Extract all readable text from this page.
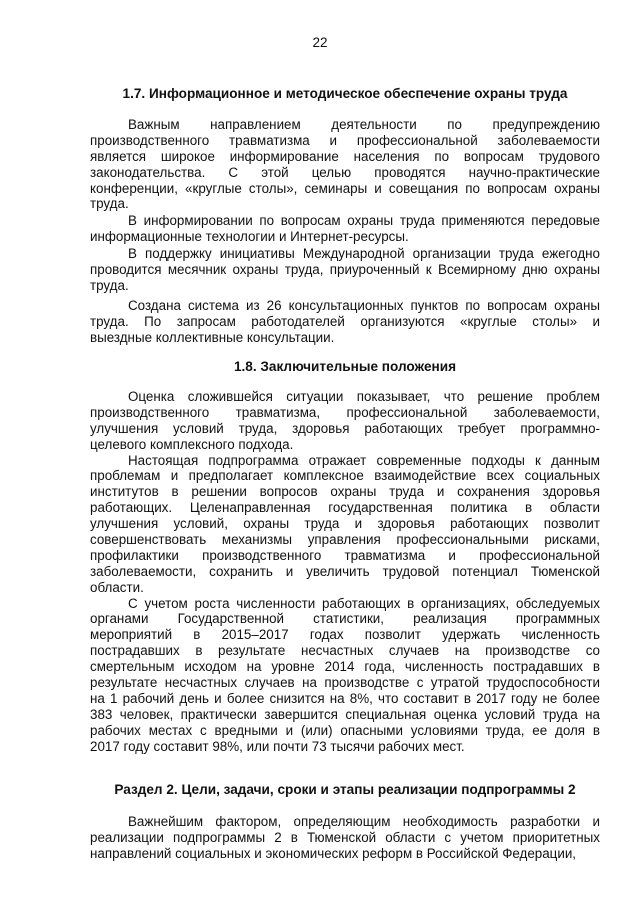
22
1.7. Информационное и методическое обеспечение охраны труда
Важным направлением деятельности по предупреждению
производственного травматизма и профессиональной заболеваемости
является широкое информирование населения по вопросам трудового
законодательства. С этой целью проводятся научно-практические
конференции, «круглые столы», семинары и совещания по вопросам охраны
труда.
В информировании по вопросам охраны труда применяются передовые
информационные технологии и Интернет-ресурсы.
В поддержку инициативы Международной организации труда ежегодно
проводится месячник охраны труда, приуроченный к Всемирному дню охраны
труда.
Создана система из 26 консультационных пунктов по вопросам охраны
труда. По запросам работодателей организуются «круглые столы» и
выездные коллективные консультации.
1.8. Заключительные положения
Оценка сложившейся ситуации показывает, что решение проблем
производственного травматизма, профессиональной заболеваемости,
улучшения условий труда, здоровья работающих требует программно-
целевого комплексного подхода.
Настоящая подпрограмма отражает современные подходы к данным
проблемам и предполагает комплексное взаимодействие всех социальных
институтов в решении вопросов охраны труда и сохранения здоровья
работающих. Целенаправленная государственная политика в области
улучшения условий, охраны труда и здоровья работающих позволит
совершенствовать механизмы управления профессиональными рисками,
профилактики производственного травматизма и профессиональной
заболеваемости, сохранить и увеличить трудовой потенциал Тюменской
области.
С учетом роста численности работающих в организациях, обследуемых
органами Государственной статистики, реализация программных
мероприятий в 2015–2017 годах позволит удержать численность
пострадавших в результате несчастных случаев на производстве со
смертельным исходом на уровне 2014 года, численность пострадавших в
результате несчастных случаев на производстве с утратой трудоспособности
на 1 рабочий день и более снизится на 8%, что составит в 2017 году не более
383 человек, практически завершится специальная оценка условий труда на
рабочих местах с вредными и (или) опасными условиями труда, ее доля в
2017 году составит 98%, или почти 73 тысячи рабочих мест.
Раздел 2. Цели, задачи, сроки и этапы реализации подпрограммы 2
Важнейшим фактором, определяющим необходимость разработки и
реализации подпрограммы 2 в Тюменской области с учетом приоритетных
направлений социальных и экономических реформ в Российской Федерации,
